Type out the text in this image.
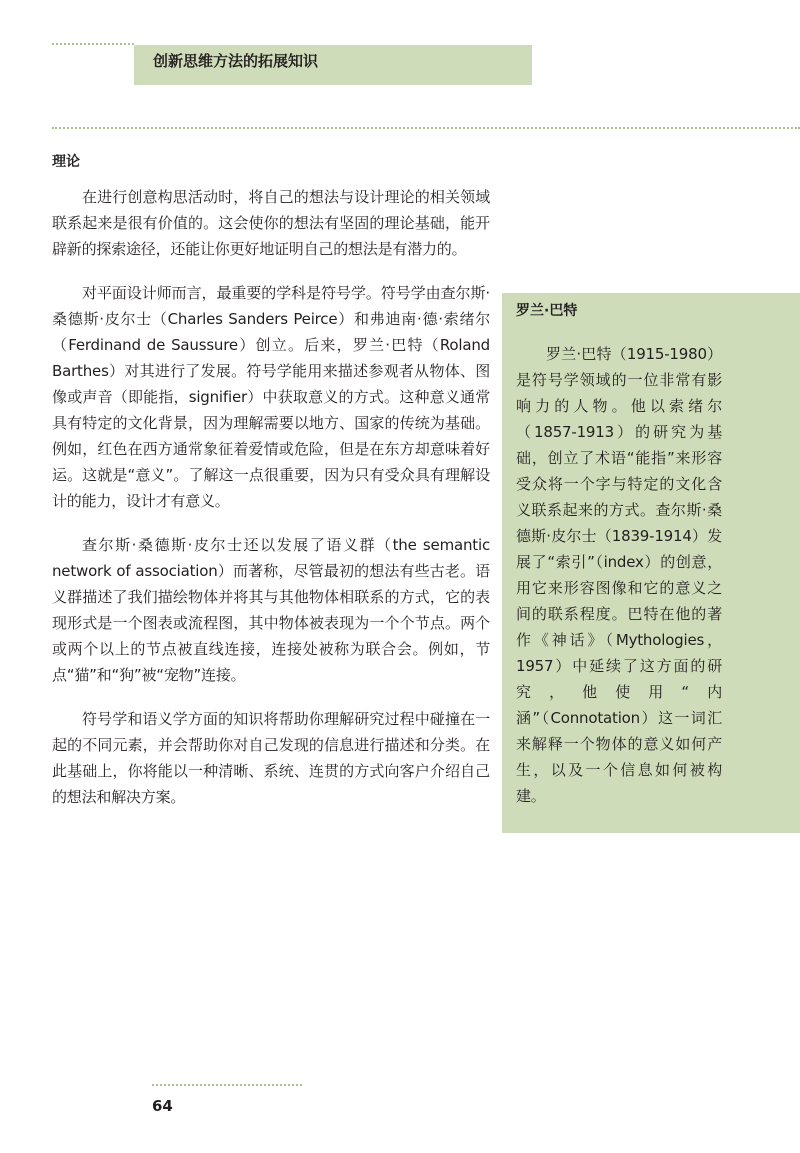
创新思维方法的拓展知识
理论

在进行创意构思活动时，将自己的想法与设计理论的相关领域联系起来是很有价值的。这会使你的想法有坚固的理论基础，能开辟新的探索途径，还能让你更好地证明自己的想法是有潜力的。

对平面设计师而言，最重要的学科是符号学。符号学由查尔斯·桑德斯·皮尔士（Charles Sanders Peirce）和弗迪南·德·索绪尔（Ferdinand de Saussure）创立。后来，罗兰·巴特（Roland Barthes）对其进行了发展。符号学能用来描述参观者从物体、图像或声音（即能指，signifier）中获取意义的方式。这种意义通常具有特定的文化背景，因为理解需要以地方、国家的传统为基础。例如，红色在西方通常象征着爱情或危险，但是在东方却意味着好运。这就是“意义”。了解这一点很重要，因为只有受众具有理解设计的能力，设计才有意义。

查尔斯·桑德斯·皮尔士还以发展了语义群（the semantic network of association）而著称，尽管最初的想法有些古老。语义群描述了我们描绘物体并将其与其他物体相联系的方式，它的表现形式是一个图表或流程图，其中物体被表现为一个个节点。两个或两个以上的节点被直线连接，连接处被称为联合会。例如，节点“猫”和“狗”被“宠物”连接。

符号学和语义学方面的知识将帮助你理解研究过程中碰撞在一起的不同元素，并会帮助你对自己发现的信息进行描述和分类。在此基础上，你将能以一种清晰、系统、连贯的方式向客户介绍自己的想法和解决方案。

罗兰·巴特

罗兰·巴特（1915-1980）是符号学领域的一位非常有影响力的人物。他以索绪尔（1857-1913）的研究为基础，创立了术语“能指”来形容受众将一个字与特定的文化含义联系起来的方式。查尔斯·桑德斯·皮尔士（1839-1914）发展了“索引”（index）的创意，用它来形容图像和它的意义之间的联系程度。巴特在他的著作《神话》（Mythologies，1957）中延续了这方面的研究，他使用“内涵”（Connotation）这一词汇来解释一个物体的意义如何产生，以及一个信息如何被构建。

64
